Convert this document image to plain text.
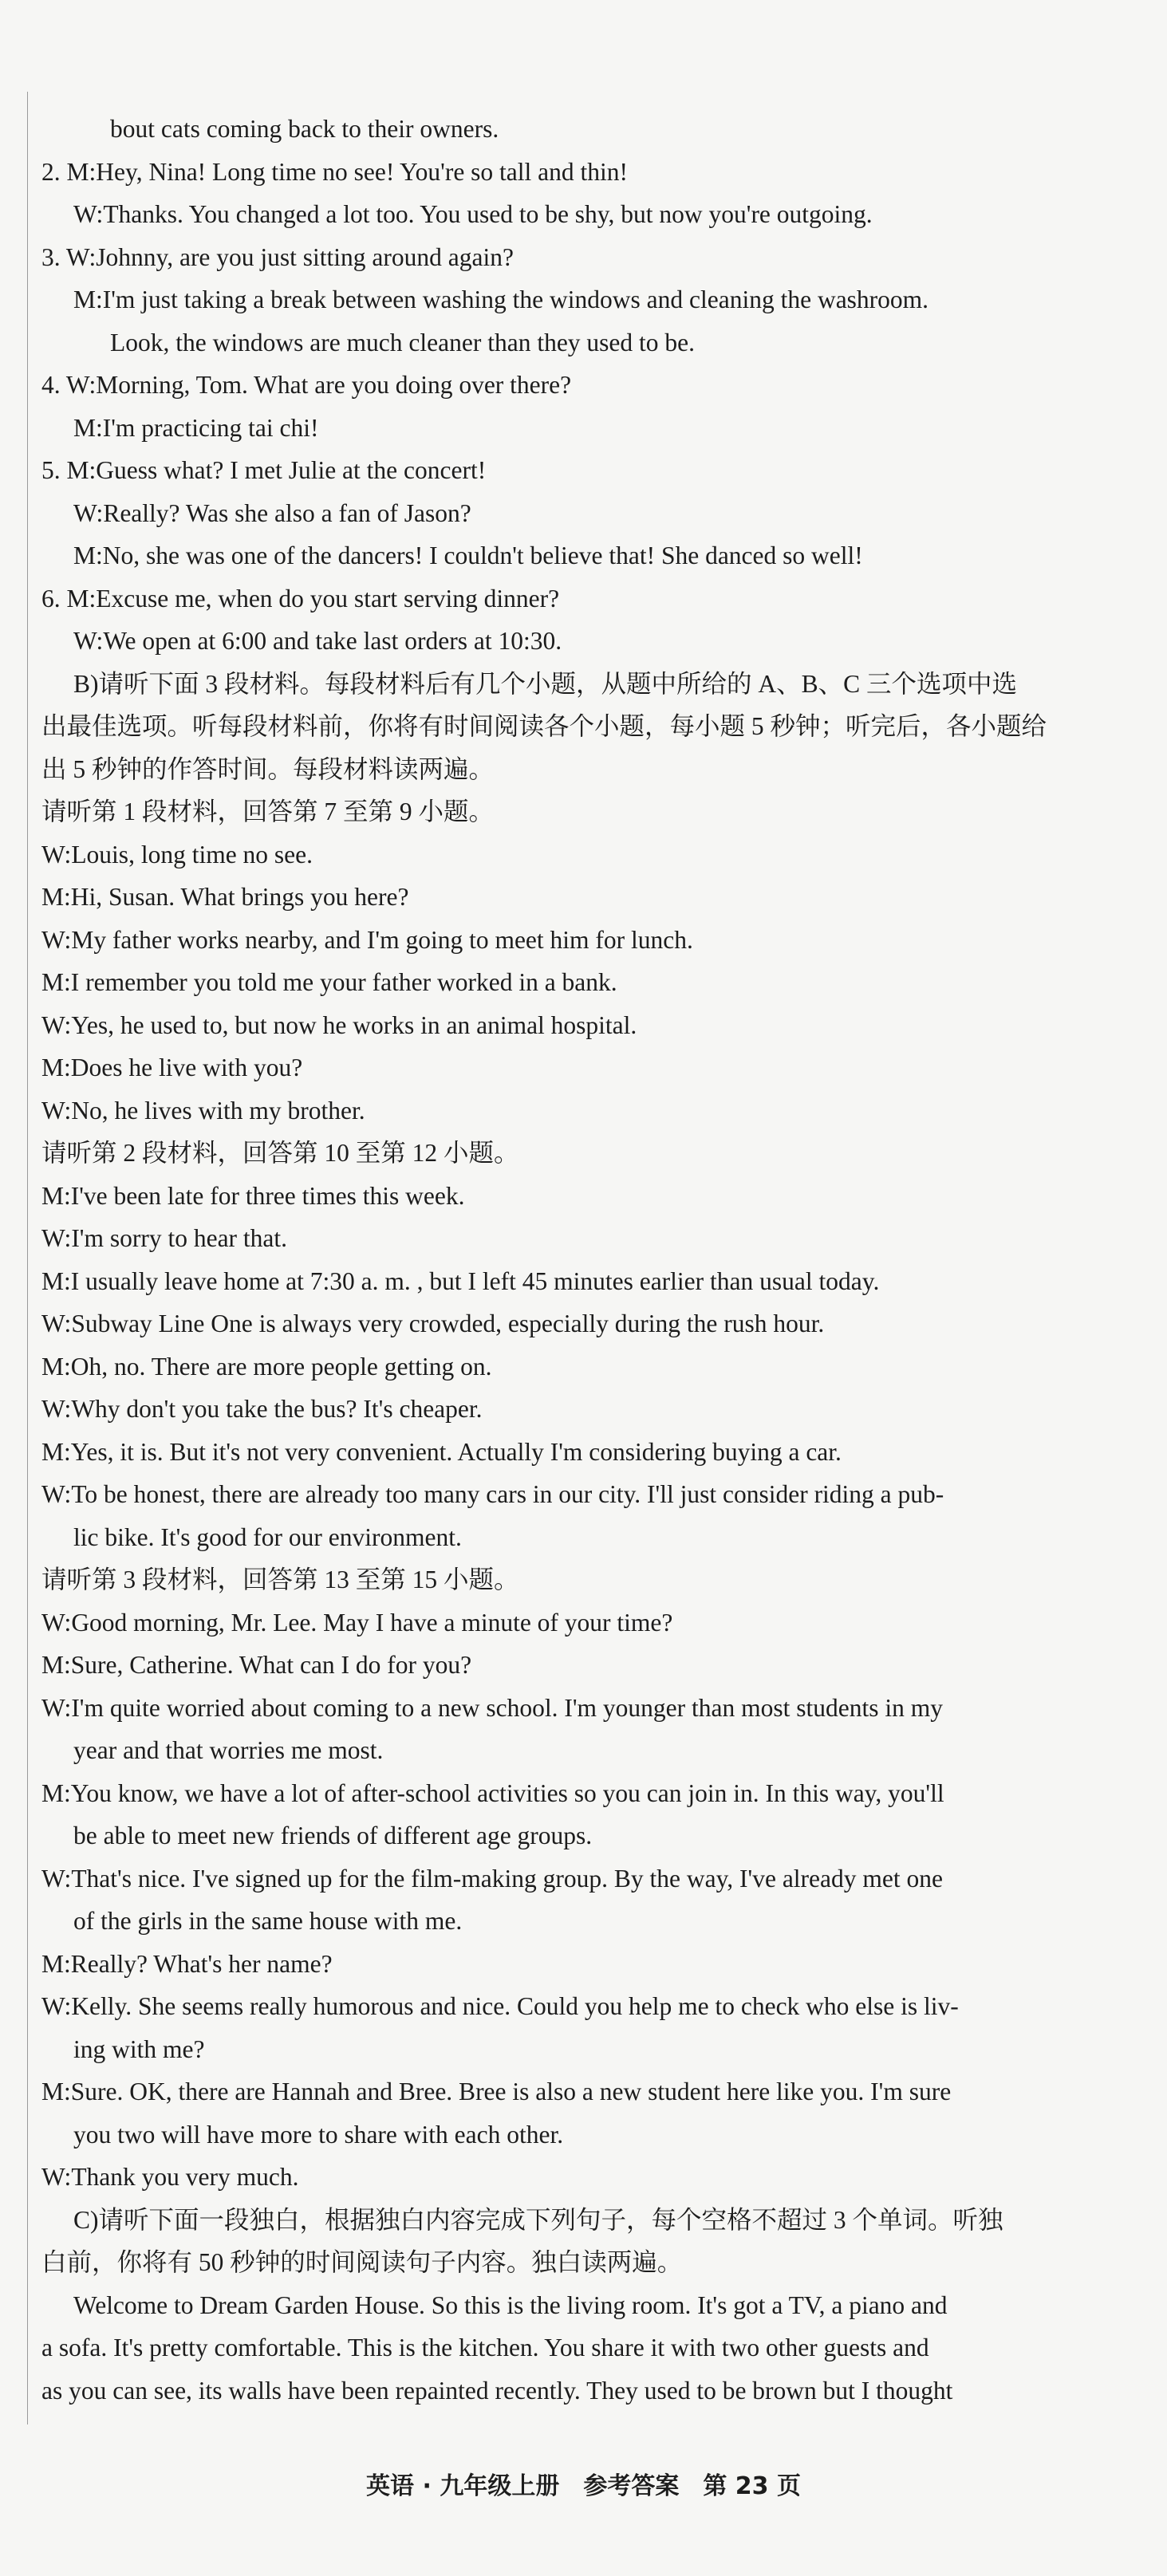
bout cats coming back to their owners.
2. M:Hey, Nina! Long time no see! You're so tall and thin!
W:Thanks. You changed a lot too. You used to be shy, but now you're outgoing.
3. W:Johnny, are you just sitting around again?
M:I'm just taking a break between washing the windows and cleaning the washroom.
Look, the windows are much cleaner than they used to be.
4. W:Morning, Tom. What are you doing over there?
M:I'm practicing tai chi!
5. M:Guess what? I met Julie at the concert!
W:Really? Was she also a fan of Jason?
M:No, she was one of the dancers! I couldn't believe that! She danced so well!
6. M:Excuse me, when do you start serving dinner?
W:We open at 6:00 and take last orders at 10:30.
B)请听下面 3 段材料。每段材料后有几个小题，从题中所给的 A、B、C 三个选项中选
出最佳选项。听每段材料前，你将有时间阅读各个小题，每小题 5 秒钟；听完后，各小题给
出 5 秒钟的作答时间。每段材料读两遍。
请听第 1 段材料，回答第 7 至第 9 小题。
W:Louis, long time no see.
M:Hi, Susan. What brings you here?
W:My father works nearby, and I'm going to meet him for lunch.
M:I remember you told me your father worked in a bank.
W:Yes, he used to, but now he works in an animal hospital.
M:Does he live with you?
W:No, he lives with my brother.
请听第 2 段材料，回答第 10 至第 12 小题。
M:I've been late for three times this week.
W:I'm sorry to hear that.
M:I usually leave home at 7:30 a. m. , but I left 45 minutes earlier than usual today.
W:Subway Line One is always very crowded, especially during the rush hour.
M:Oh, no. There are more people getting on.
W:Why don't you take the bus? It's cheaper.
M:Yes, it is. But it's not very convenient. Actually I'm considering buying a car.
W:To be honest, there are already too many cars in our city. I'll just consider riding a pub-
lic bike. It's good for our environment.
请听第 3 段材料，回答第 13 至第 15 小题。
W:Good morning, Mr. Lee. May I have a minute of your time?
M:Sure, Catherine. What can I do for you?
W:I'm quite worried about coming to a new school. I'm younger than most students in my
year and that worries me most.
M:You know, we have a lot of after-school activities so you can join in. In this way, you'll
be able to meet new friends of different age groups.
W:That's nice. I've signed up for the film-making group. By the way, I've already met one
of the girls in the same house with me.
M:Really? What's her name?
W:Kelly. She seems really humorous and nice. Could you help me to check who else is liv-
ing with me?
M:Sure. OK, there are Hannah and Bree. Bree is also a new student here like you. I'm sure
you two will have more to share with each other.
W:Thank you very much.
C)请听下面一段独白，根据独白内容完成下列句子，每个空格不超过 3 个单词。听独
白前，你将有 50 秒钟的时间阅读句子内容。独白读两遍。
Welcome to Dream Garden House. So this is the living room. It's got a TV, a piano and
a sofa. It's pretty comfortable. This is the kitchen. You share it with two other guests and
as you can see, its walls have been repainted recently. They used to be brown but I thought
英语 · 九年级上册　参考答案　第 23 页
